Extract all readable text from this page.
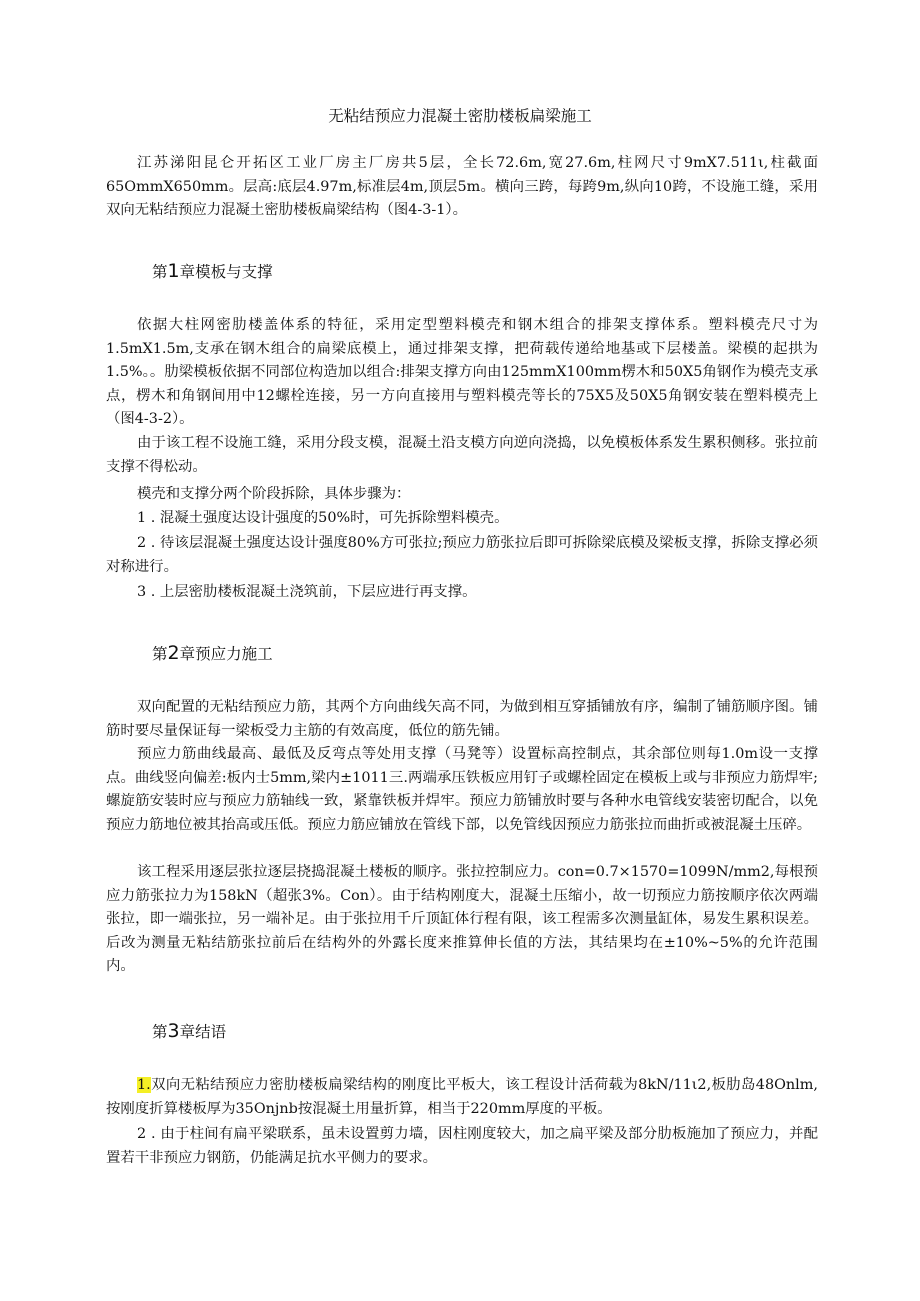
无粘结预应力混凝土密肋楼板扁梁施工

江苏涕阳昆仑开拓区工业厂房主厂房共5层，全长72.6m,宽27.6m,柱网尺寸9mX7.511ι,柱截面65OmmX650mm。层高:底层4.97m,标准层4m,顶层5m。横向三跨，每跨9m,纵向10跨，不设施工缝，采用双向无粘结预应力混凝土密肋楼板扁梁结构（图4-3-1）。

第1章模板与支撑

依据大柱网密肋楼盖体系的特征，采用定型塑料模壳和钢木组合的排架支撑体系。塑料模壳尺寸为1.5mX1.5m,支承在钢木组合的扁梁底模上，通过排架支撑，把荷载传递给地基或下层楼盖。梁模的起拱为1.5%。。肋梁模板依据不同部位构造加以组合:排架支撑方向由125mmX100mm楞木和50X5角钢作为模壳支承点，楞木和角钢间用中12螺栓连接，另一方向直接用与塑料模壳等长的75X5及50X5角钢安装在塑料模壳上（图4-3-2）。

由于该工程不设施工缝，采用分段支模，混凝土沿支模方向逆向浇捣，以免模板体系发生累积侧移。张拉前支撑不得松动。

模壳和支撑分两个阶段拆除，具体步骤为：

1 . 混凝土强度达设计强度的50%时，可先拆除塑料模壳。

2 . 待该层混凝土强度达设计强度80%方可张拉;预应力筋张拉后即可拆除梁底模及梁板支撑，拆除支撑必须对称进行。

3 . 上层密肋楼板混凝土浇筑前，下层应进行再支撑。

第2章预应力施工

双向配置的无粘结预应力筋，其两个方向曲线矢高不同，为做到相互穿插铺放有序，编制了铺筋顺序图。铺筋时要尽量保证每一梁板受力主筋的有效高度，低位的筋先铺。

预应力筋曲线最高、最低及反弯点等处用支撑（马凳等）设置标高控制点，其余部位则每1.0m设一支撑点。曲线竖向偏差:板内士5mm,梁内±1011三.两端承压铁板应用钉子或螺栓固定在模板上或与非预应力筋焊牢;螺旋筋安装时应与预应力筋轴线一致，紧靠铁板并焊牢。预应力筋铺放时要与各种水电管线安装密切配合，以免预应力筋地位被其抬高或压低。预应力筋应铺放在管线下部，以免管线因预应力筋张拉而曲折或被混凝土压碎。

该工程采用逐层张拉逐层挠捣混凝土楼板的顺序。张拉控制应力。con=0.7×1570=1099N/mm2,每根预应力筋张拉力为158kN（超张3%。Con）。由于结构刚度大，混凝土压缩小，故一切预应力筋按顺序依次两端张拉，即一端张拉，另一端补足。由于张拉用千斤顶缸体行程有限，该工程需多次测量缸体，易发生累积误差。后改为测量无粘结筋张拉前后在结构外的外露长度来推算伸长值的方法，其结果均在±10%~5%的允许范围内。

第3章结语

1.双向无粘结预应力密肋楼板扁梁结构的刚度比平板大，该工程设计活荷载为8kN∕11ι2,板肋岛48Onlm,按刚度折算楼板厚为35Onjnb按混凝土用量折算，相当于220mm厚度的平板。

2 . 由于柱间有扁平梁联系，虽未设置剪力墙，因柱刚度较大，加之扁平梁及部分肋板施加了预应力，并配置若干非预应力钢筋，仍能满足抗水平侧力的要求。
